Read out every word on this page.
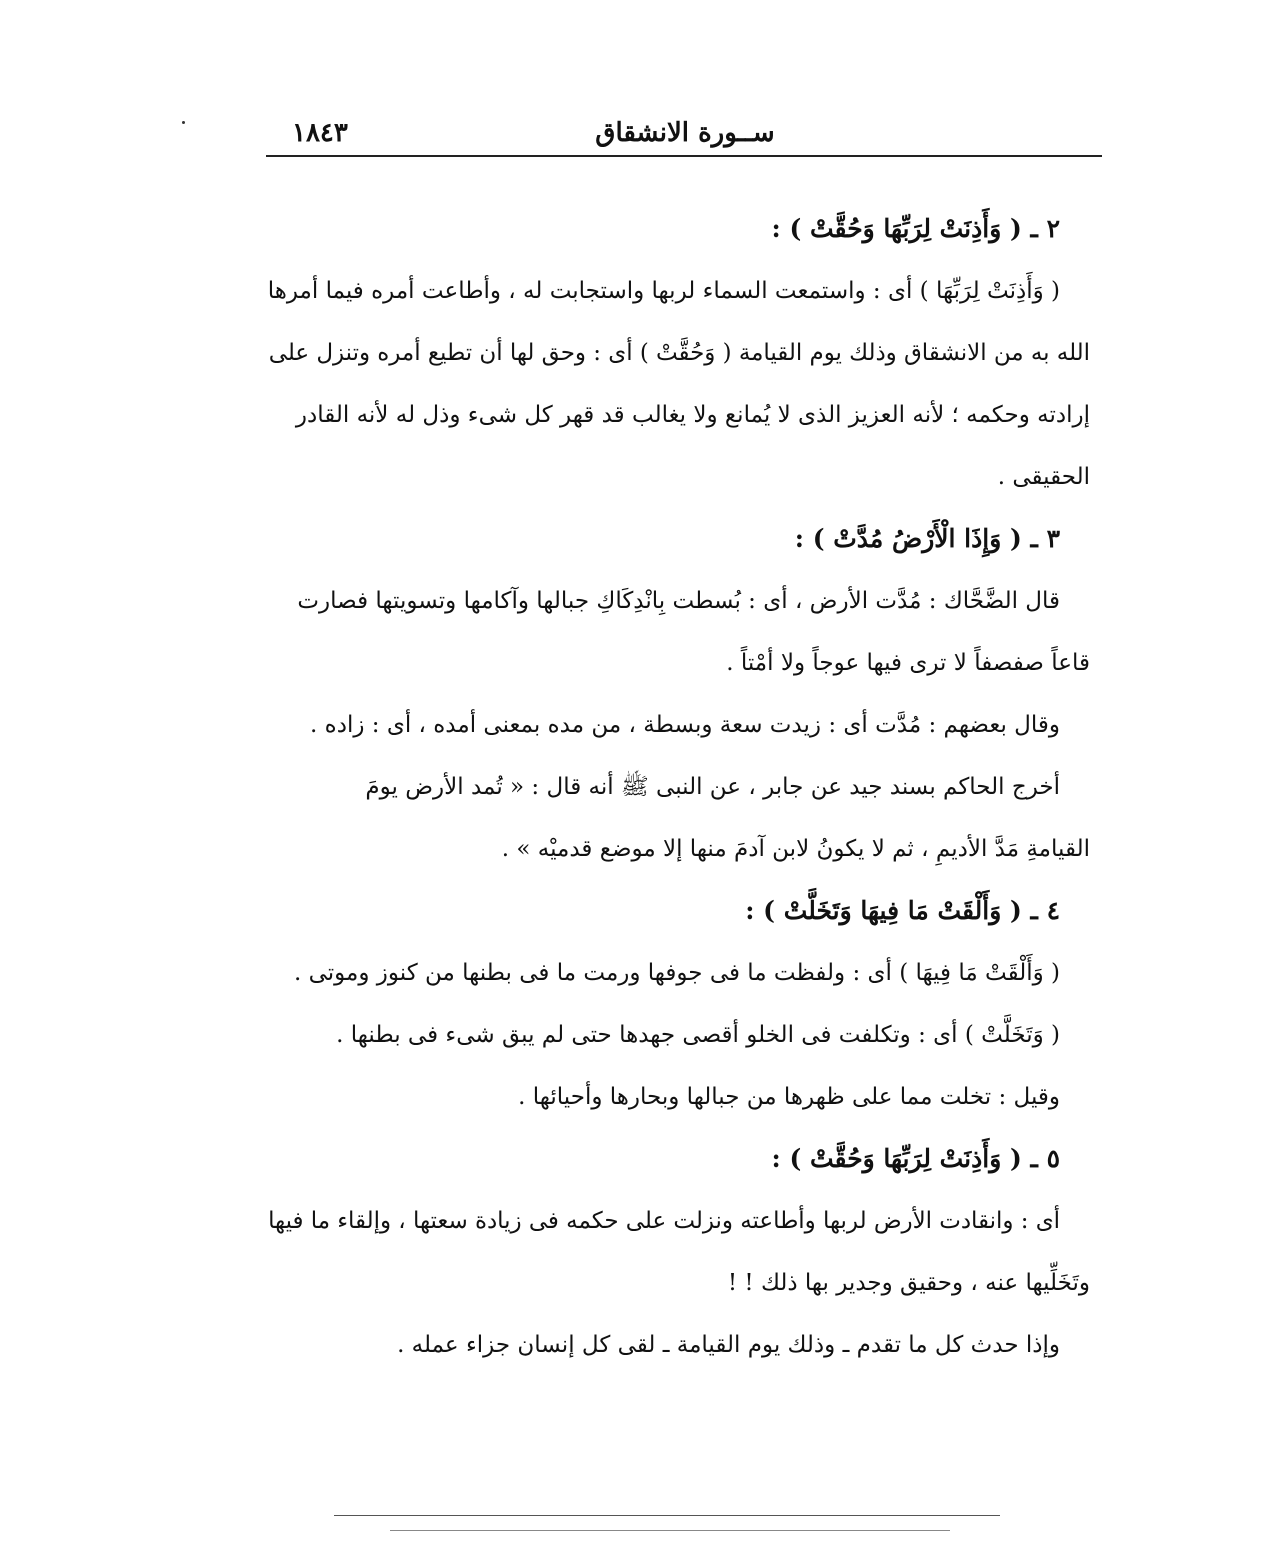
١٨٤٣	ســورة الانشقاق
٢ ـ ( وَأَذِنَتْ لِرَبِّهَا وَحُقَّتْ ) :
( وَأَذِنَتْ لِرَبِّهَا ) أى : واستمعت السماء لربها واستجابت له ، وأطاعت أمره فيما أمرها
الله به من الانشقاق وذلك يوم القيامة ( وَحُقَّتْ ) أى : وحق لها أن تطيع أمره وتنزل على
إرادته وحكمه ؛ لأنه العزيز الذى لا يُمانع ولا يغالب قد قهر كل شىء وذل له لأنه القادر
الحقيقى .
٣ ـ ( وَإِذَا الْأَرْضُ مُدَّتْ ) :
قال الضَّحَّاك : مُدَّت الأرض ، أى : بُسطت بِانْدِكَاكِ جبالها وآكامها وتسويتها فصارت
قاعاً صفصفاً لا ترى فيها عوجاً ولا أمْتاً .
وقال بعضهم : مُدَّت أى : زيدت سعة وبسطة ، من مده بمعنى أمده ، أى : زاده .
أخرج الحاكم بسند جيد عن جابر ، عن النبى ﷺ أنه قال : « تُمد الأرض يومَ
القيامةِ مَدَّ الأديمِ ، ثم لا يكونُ لابن آدمَ منها إلا موضع قدميْه » .
٤ ـ ( وَأَلْقَتْ مَا فِيهَا وَتَخَلَّتْ ) :
( وَأَلْقَتْ مَا فِيهَا ) أى : ولفظت ما فى جوفها ورمت ما فى بطنها من كنوز وموتى .
( وَتَخَلَّتْ ) أى : وتكلفت فى الخلو أقصى جهدها حتى لم يبق شىء فى بطنها .
وقيل : تخلت مما على ظهرها من جبالها وبحارها وأحيائها .
٥ ـ ( وَأَذِنَتْ لِرَبِّهَا وَحُقَّتْ ) :
أى : وانقادت الأرض لربها وأطاعته ونزلت على حكمه فى زيادة سعتها ، وإلقاء ما فيها
وتَخَلِّيها عنه ، وحقيق وجدير بها ذلك ! !
وإذا حدث كل ما تقدم ـ وذلك يوم القيامة ـ لقى كل إنسان جزاء عمله .
